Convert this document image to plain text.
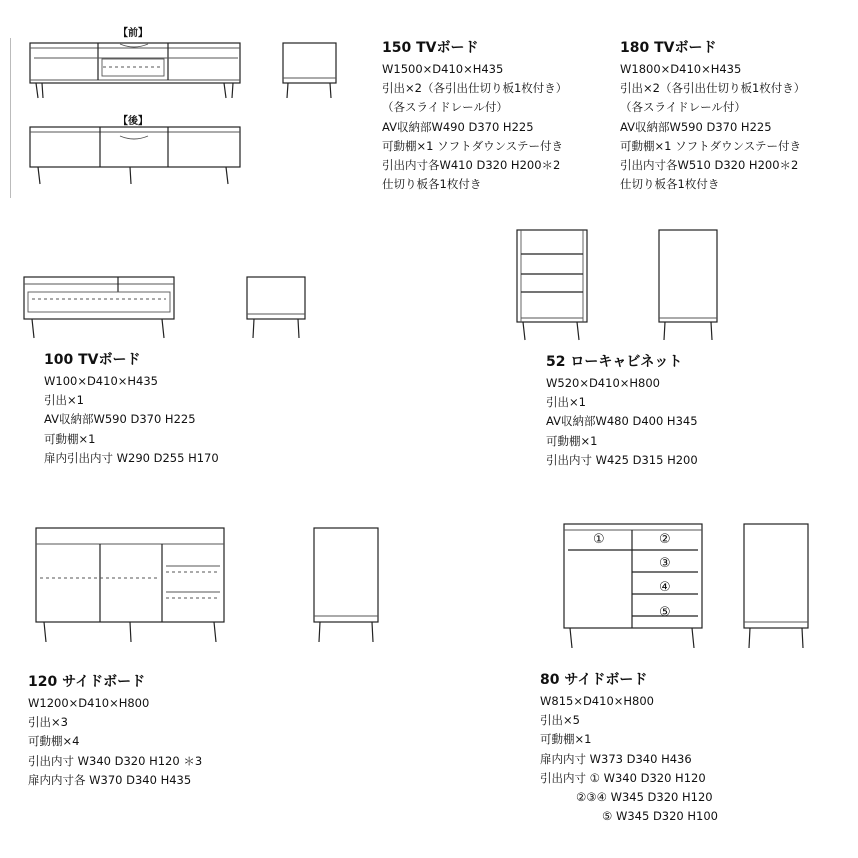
【前】
【後】
150 TVボード
W1500×D410×H435
引出×2（各引出仕切り板1枚付き）
（各スライドレール付）
AV収納部W490 D370 H225
可動棚×1 ソフトダウンステー付き
引出内寸各W410 D320 H200＊2
仕切り板各1枚付き
180 TVボード
W1800×D410×H435
引出×2（各引出仕切り板1枚付き）
（各スライドレール付）
AV収納部W590 D370 H225
可動棚×1 ソフトダウンステー付き
引出内寸各W510 D320 H200＊2
仕切り板各1枚付き
100 TVボード
W100×D410×H435
引出×1
AV収納部W590 D370 H225
可動棚×1
扉内引出内寸 W290 D255 H170
52 ローキャビネット
W520×D410×H800
引出×1
AV収納部W480 D400 H345
可動棚×1
引出内寸 W425 D315 H200
120 サイドボード
W1200×D410×H800
引出×3
可動棚×4
引出内寸 W340 D320 H120 ＊3
扉内内寸各 W370 D340 H435
①	②
③
④
⑤
80 サイドボード
W815×D410×H800
引出×5
可動棚×1
扉内内寸 W373 D340 H436
引出内寸 ① W340 D320 H120
②③④ W345 D320 H120
⑤ W345 D320 H100
